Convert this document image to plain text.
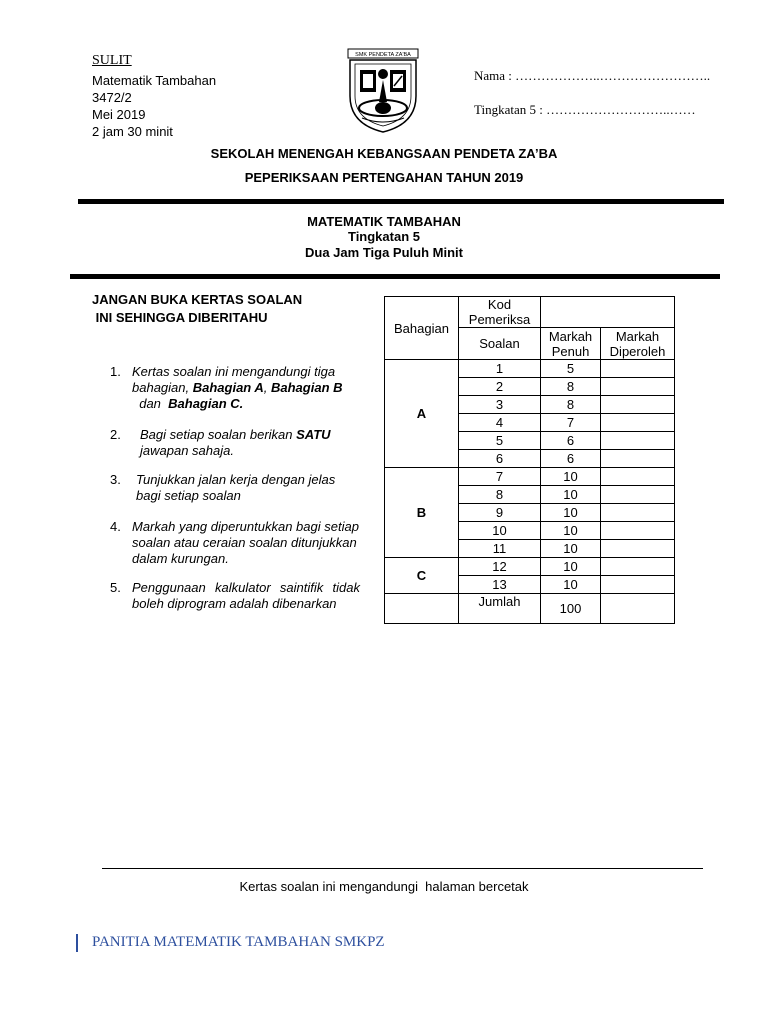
SULIT
Matematik Tambahan
3472/2
Mei 2019
2 jam 30 minit
SMK PENDETA ZA'BA
Nama : ………………..……………………..
Tingkatan 5 : ………………………..……
SEKOLAH MENENGAH KEBANGSAAN PENDETA ZA’BA
PEPERIKSAAN PERTENGAHAN TAHUN 2019
MATEMATIK TAMBAHAN
Tingkatan 5
Dua Jam Tiga Puluh Minit
JANGAN BUKA KERTAS SOALAN
INI SEHINGGA DIBERITAHU
1. Kertas soalan ini mengandungi tiga bahagian, Bahagian A, Bahagian B  dan  Bahagian C.
2. Bagi setiap soalan berikan SATU jawapan sahaja.
3. Tunjukkan jalan kerja dengan jelas bagi setiap soalan
4. Markah yang diperuntukkan bagi setiap soalan atau ceraian soalan ditunjukkan dalam kurungan.
5. Penggunaan kalkulator saintifik tidak boleh diprogram adalah dibenarkan
Bahagian	Kod Pemeriksa		
	Soalan	Markah Penuh	Markah Diperoleh
A	1	5	
	2	8	
	3	8	
	4	7	
	5	6	
	6	6	
B	7	10	
	8	10	
	9	10	
	10	10	
	11	10	
C	12	10	
	13	10	
	Jumlah	100	
Kertas soalan ini mengandungi  halaman bercetak
PANITIA MATEMATIK TAMBAHAN SMKPZ
